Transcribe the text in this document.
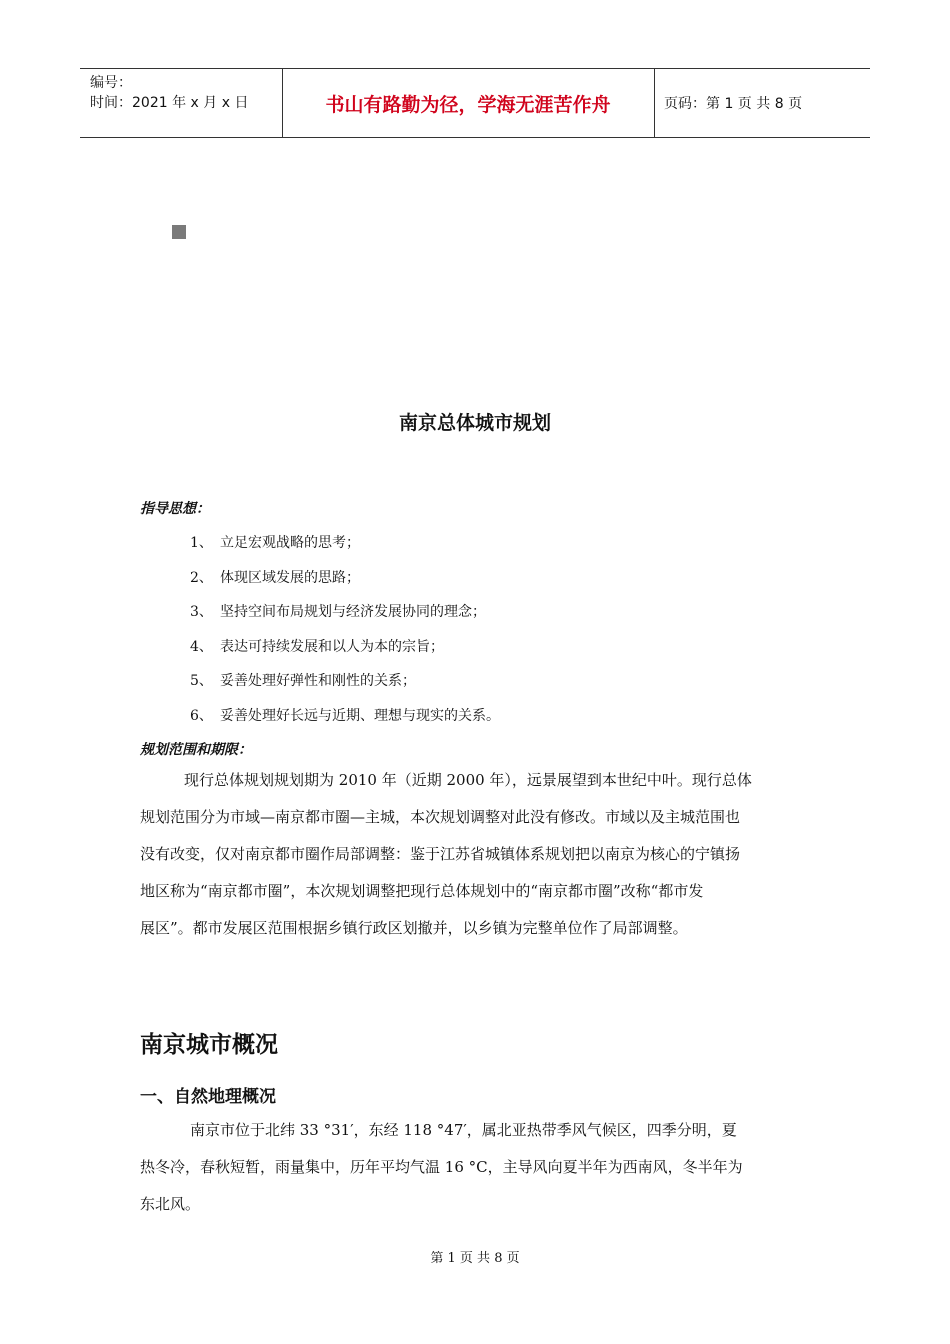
编号：
时间：2021 年 x 月 x 日	书山有路勤为径，学海无涯苦作舟	页码：第 1 页 共 8 页
南京总体城市规划
指导思想：
1、 立足宏观战略的思考；
2、 体现区域发展的思路；
3、 坚持空间布局规划与经济发展协同的理念；
4、 表达可持续发展和以人为本的宗旨；
5、 妥善处理好弹性和刚性的关系；
6、 妥善处理好长远与近期、理想与现实的关系。
规划范围和期限：
现行总体规划规划期为 2010 年（近期 2000 年），远景展望到本世纪中叶。现行总体
规划范围分为市域—南京都市圈—主城，本次规划调整对此没有修改。市域以及主城范围也
没有改变，仅对南京都市圈作局部调整：鉴于江苏省城镇体系规划把以南京为核心的宁镇扬
地区称为“南京都市圈”，本次规划调整把现行总体规划中的“南京都市圈”改称“都市发
展区”。都市发展区范围根据乡镇行政区划撤并，以乡镇为完整单位作了局部调整。
南京城市概况
一、自然地理概况
南京市位于北纬 33 °31′，东经 118 °47′，属北亚热带季风气候区，四季分明，夏
热冬冷，春秋短暂，雨量集中，历年平均气温 16 °C，主导风向夏半年为西南风，冬半年为
东北风。
第 1 页 共 8 页
